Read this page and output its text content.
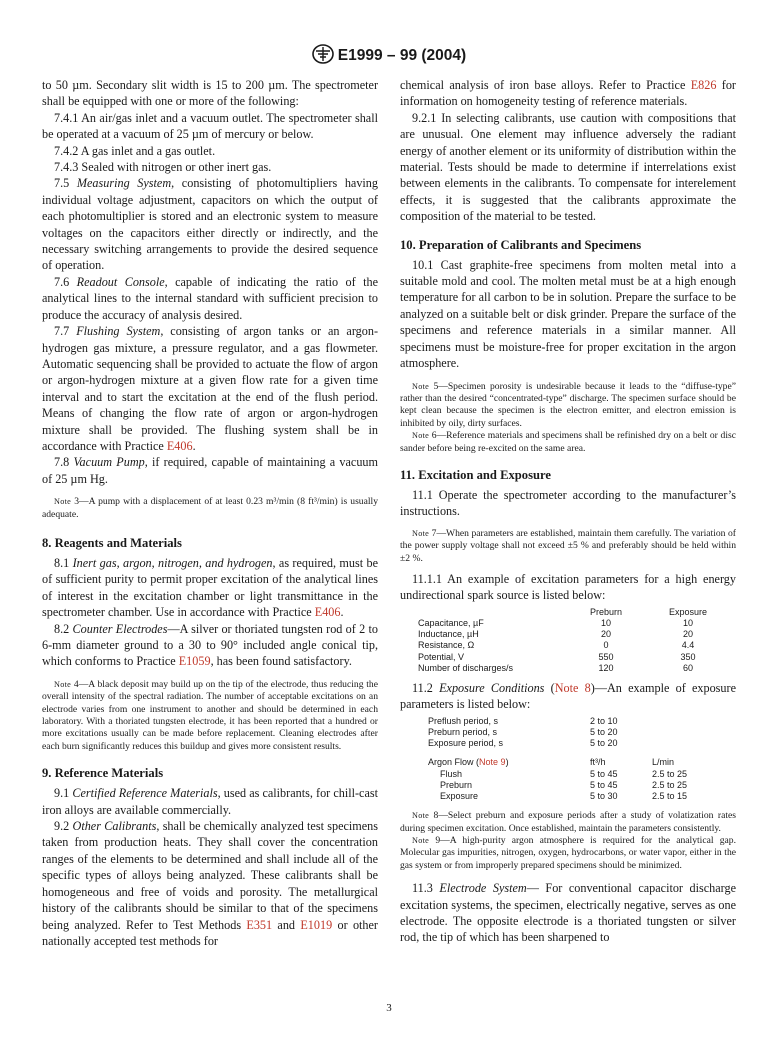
E1999 – 99 (2004)

to 50 µm. Secondary slit width is 15 to 200 µm. The spectrometer shall be equipped with one or more of the following:

7.4.1 An air/gas inlet and a vacuum outlet. The spectrometer shall be operated at a vacuum of 25 µm of mercury or below.

7.4.2 A gas inlet and a gas outlet.

7.4.3 Sealed with nitrogen or other inert gas.

7.5 Measuring System, consisting of photomultipliers having individual voltage adjustment, capacitors on which the output of each photomultiplier is stored and an electronic system to measure voltages on the capacitors either directly or indirectly, and the necessary switching arrangements to provide the desired sequence of operation.

7.6 Readout Console, capable of indicating the ratio of the analytical lines to the internal standard with sufficient precision to produce the accuracy of analysis desired.

7.7 Flushing System, consisting of argon tanks or an argon-hydrogen gas mixture, a pressure regulator, and a gas flowmeter. Automatic sequencing shall be provided to actuate the flow of argon or argon-hydrogen mixture at a given flow rate for a given time interval and to start the excitation at the end of the flush period. Means of changing the flow rate of argon or argon-hydrogen mixture shall be provided. The flushing system shall be in accordance with Practice E406.

7.8 Vacuum Pump, if required, capable of maintaining a vacuum of 25 µm Hg.

Note 3—A pump with a displacement of at least 0.23 m³/min (8 ft³/min) is usually adequate.

8. Reagents and Materials

8.1 Inert gas, argon, nitrogen, and hydrogen, as required, must be of sufficient purity to permit proper excitation of the analytical lines of interest in the excitation chamber or light transmittance in the spectrometer chamber. Use in accordance with Practice E406.

8.2 Counter Electrodes—A silver or thoriated tungsten rod of 2 to 6-mm diameter ground to a 30 to 90° included angle conical tip, which conforms to Practice E1059, has been found satisfactory.

Note 4—A black deposit may build up on the tip of the electrode, thus reducing the overall intensity of the spectral radiation. The number of acceptable excitations on an electrode varies from one instrument to another and should be determined in each laboratory. With a thoriated tungsten electrode, it has been reported that a hundred or more excitations usually can be made before replacement. Cleaning electrodes after each burn significantly reduces this buildup and gives more consistent results.

9. Reference Materials

9.1 Certified Reference Materials, used as calibrants, for chill-cast iron alloys are available commercially.

9.2 Other Calibrants, shall be chemically analyzed test specimens taken from production heats. They shall cover the concentration ranges of the elements to be determined and shall include all of the specific types of alloys being analyzed. These calibrants shall be homogeneous and free of voids and porosity. The metallurgical history of the calibrants should be similar to that of the specimens being analyzed. Refer to Test Methods E351 and E1019 or other nationally accepted test methods for

chemical analysis of iron base alloys. Refer to Practice E826 for information on homogeneity testing of reference materials.

9.2.1 In selecting calibrants, use caution with compositions that are unusual. One element may influence adversely the radiant energy of another element or its uniformity of distribution within the material. Tests should be made to determine if interrelations exist between elements in the calibrants. To compensate for interelement effects, it is suggested that the calibrants approximate the composition of the material to be tested.

10. Preparation of Calibrants and Specimens

10.1 Cast graphite-free specimens from molten metal into a suitable mold and cool. The molten metal must be at a high enough temperature for all carbon to be in solution. Prepare the surface to be analyzed on a suitable belt or disk grinder. Prepare the surface of the specimens and reference materials in a similar manner. All specimens must be moisture-free for proper excitation in the argon atmosphere.

Note 5—Specimen porosity is undesirable because it leads to the “diffuse-type” rather than the desired “concentrated-type” discharge. The specimen surface should be kept clean because the specimen is the electron emitter, and electron emission is inhibited by oily, dirty surfaces.

Note 6—Reference materials and specimens shall be refinished dry on a belt or disc sander before being re-excited on the same area.

11. Excitation and Exposure

11.1 Operate the spectrometer according to the manufacturer’s instructions.

Note 7—When parameters are established, maintain them carefully. The variation of the power supply voltage shall not exceed ±5 % and preferably should be held within ±2 %.

11.1.1 An example of excitation parameters for a high energy undirectional spark source is listed below:

	Preburn	Exposure
Capacitance, µF	10	10
Inductance, µH	20	20
Resistance, Ω	0	4.4
Potential, V	550	350
Number of discharges/s	120	60

11.2 Exposure Conditions (Note 8)—An example of exposure parameters is listed below:

Preflush period, s	2 to 10	
Preburn period, s	5 to 20	
Exposure period, s	5 to 20	

Argon Flow (Note 9)	ft³/h	L/min
Flush	5 to 45	2.5 to 25
Preburn	5 to 45	2.5 to 25
Exposure	5 to 30	2.5 to 15

Note 8—Select preburn and exposure periods after a study of volatization rates during specimen excitation. Once established, maintain the parameters consistently.

Note 9—A high-purity argon atmosphere is required for the analytical gap. Molecular gas impurities, nitrogen, oxygen, hydrocarbons, or water vapor, either in the gas system or from improperly prepared specimens should be minimized.

11.3 Electrode System— For conventional capacitor discharge excitation systems, the specimen, electrically negative, serves as one electrode. The opposite electrode is a thoriated tungsten or silver rod, the tip of which has been sharpened to

3
